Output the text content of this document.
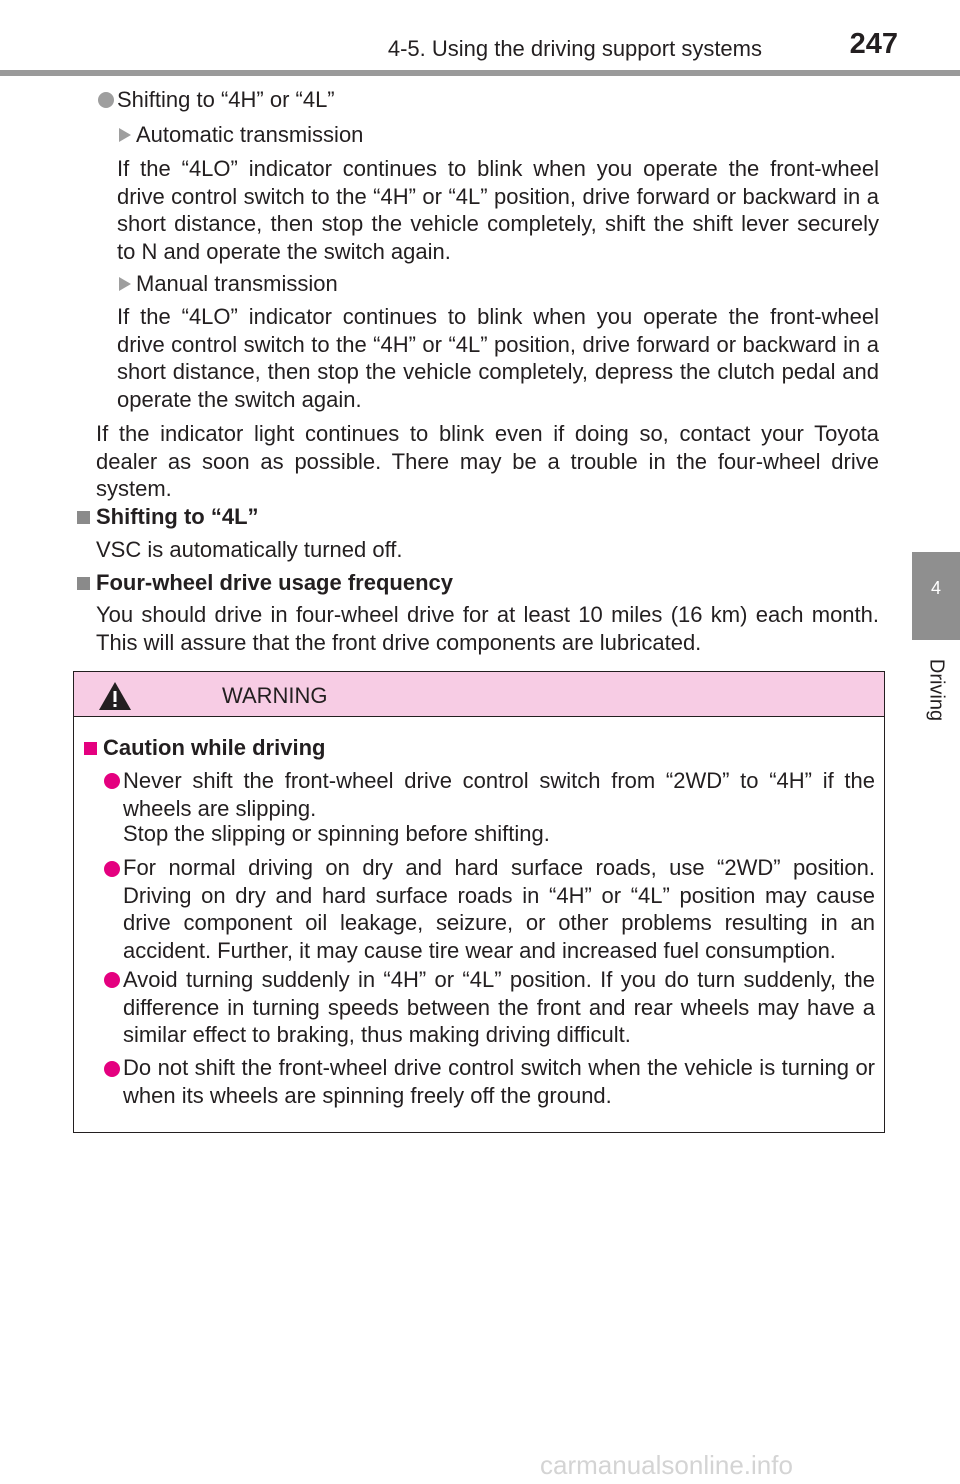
4-5. Using the driving support systems	247
4
Driving

Shifting to “4H” or “4L”

Automatic transmission

If the “4LO” indicator continues to blink when you operate the front-wheel drive control switch to the “4H” or “4L” position, drive forward or backward in a short distance, then stop the vehicle completely, shift the shift lever securely to N and operate the switch again.

Manual transmission

If the “4LO” indicator continues to blink when you operate the front-wheel drive control switch to the “4H” or “4L” position, drive forward or backward in a short distance, then stop the vehicle completely, depress the clutch pedal and operate the switch again.

If the indicator light continues to blink even if doing so, contact your Toyota dealer as soon as possible. There may be a trouble in the four-wheel drive system.

Shifting to “4L”

VSC is automatically turned off.

Four-wheel drive usage frequency

You should drive in four-wheel drive for at least 10 miles (16 km) each month. This will assure that the front drive components are lubricated.

WARNING

Caution while driving

Never shift the front-wheel drive control switch from “2WD” to “4H” if the wheels are slipping.

Stop the slipping or spinning before shifting.

For normal driving on dry and hard surface roads, use “2WD” position. Driving on dry and hard surface roads in “4H” or “4L” position may cause drive component oil leakage, seizure, or other problems resulting in an accident. Further, it may cause tire wear and increased fuel consumption.

Avoid turning suddenly in “4H” or “4L” position. If you do turn suddenly, the difference in turning speeds between the front and rear wheels may have a similar effect to braking, thus making driving difficult.

Do not shift the front-wheel drive control switch when the vehicle is turning or when its wheels are spinning freely off the ground.

carmanualsonline.info
